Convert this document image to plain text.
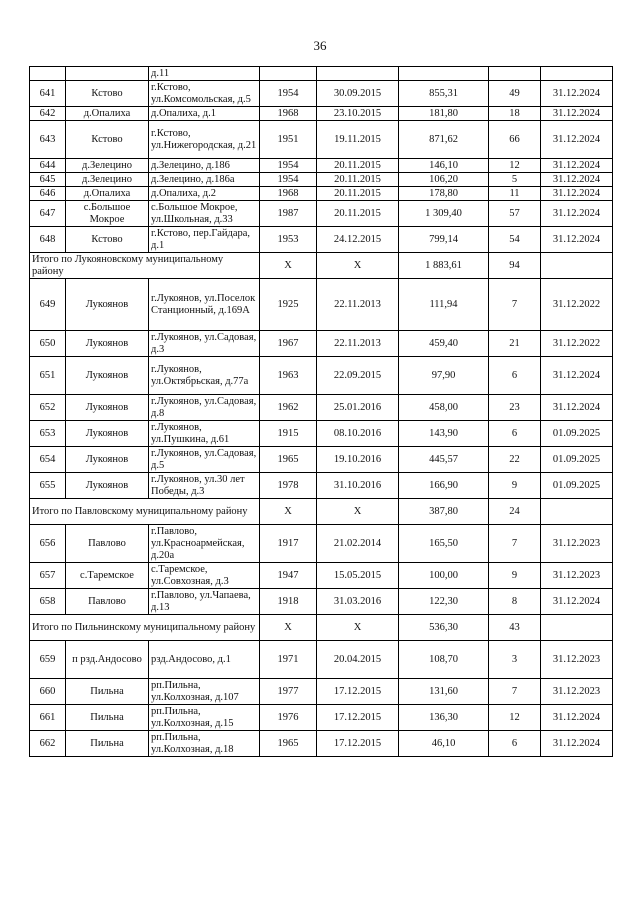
36
		д.11					
641	Кстово	г.Кстово, ул.Комсомольская, д.5	1954	30.09.2015	855,31	49	31.12.2024
642	д.Опалиха	д.Опалиха, д.1	1968	23.10.2015	181,80	18	31.12.2024
643	Кстово	г.Кстово, ул.Нижегородская, д.21	1951	19.11.2015	871,62	66	31.12.2024
644	д.Зелецино	д.Зелецино, д.186	1954	20.11.2015	146,10	12	31.12.2024
645	д.Зелецино	д.Зелецино, д.186а	1954	20.11.2015	106,20	5	31.12.2024
646	д.Опалиха	д.Опалиха, д.2	1968	20.11.2015	178,80	11	31.12.2024
647	с.Большое Мокрое	с.Большое Мокрое, ул.Школьная, д.33	1987	20.11.2015	1 309,40	57	31.12.2024
648	Кстово	г.Кстово, пер.Гайдара, д.1	1953	24.12.2015	799,14	54	31.12.2024
Итого по Лукояновскому муниципальному району			Х	Х	1 883,61	94	
649	Лукоянов	г.Лукоянов, ул.Поселок Станционный, д.169А	1925	22.11.2013	111,94	7	31.12.2022
650	Лукоянов	г.Лукоянов, ул.Садовая, д.3	1967	22.11.2013	459,40	21	31.12.2022
651	Лукоянов	г.Лукоянов, ул.Октябрьская, д.77а	1963	22.09.2015	97,90	6	31.12.2024
652	Лукоянов	г.Лукоянов, ул.Садовая, д.8	1962	25.01.2016	458,00	23	31.12.2024
653	Лукоянов	г.Лукоянов, ул.Пушкина, д.61	1915	08.10.2016	143,90	6	01.09.2025
654	Лукоянов	г.Лукоянов, ул.Садовая, д.5	1965	19.10.2016	445,57	22	01.09.2025
655	Лукоянов	г.Лукоянов, ул.30 лет Победы, д.3	1978	31.10.2016	166,90	9	01.09.2025
Итого по Павловскому муниципальному району			Х	Х	387,80	24	
656	Павлово	г.Павлово, ул.Красноармейская, д.20а	1917	21.02.2014	165,50	7	31.12.2023
657	с.Таремское	с.Таремское, ул.Совхозная, д.3	1947	15.05.2015	100,00	9	31.12.2023
658	Павлово	г.Павлово, ул.Чапаева, д.13	1918	31.03.2016	122,30	8	31.12.2024
Итого по Пильнинскому муниципальному району			Х	Х	536,30	43	
659	п рзд.Андосово	рзд.Андосово, д.1	1971	20.04.2015	108,70	3	31.12.2023
660	Пильна	рп.Пильна, ул.Колхозная, д.107	1977	17.12.2015	131,60	7	31.12.2023
661	Пильна	рп.Пильна, ул.Колхозная, д.15	1976	17.12.2015	136,30	12	31.12.2024
662	Пильна	рп.Пильна, ул.Колхозная, д.18	1965	17.12.2015	46,10	6	31.12.2024
